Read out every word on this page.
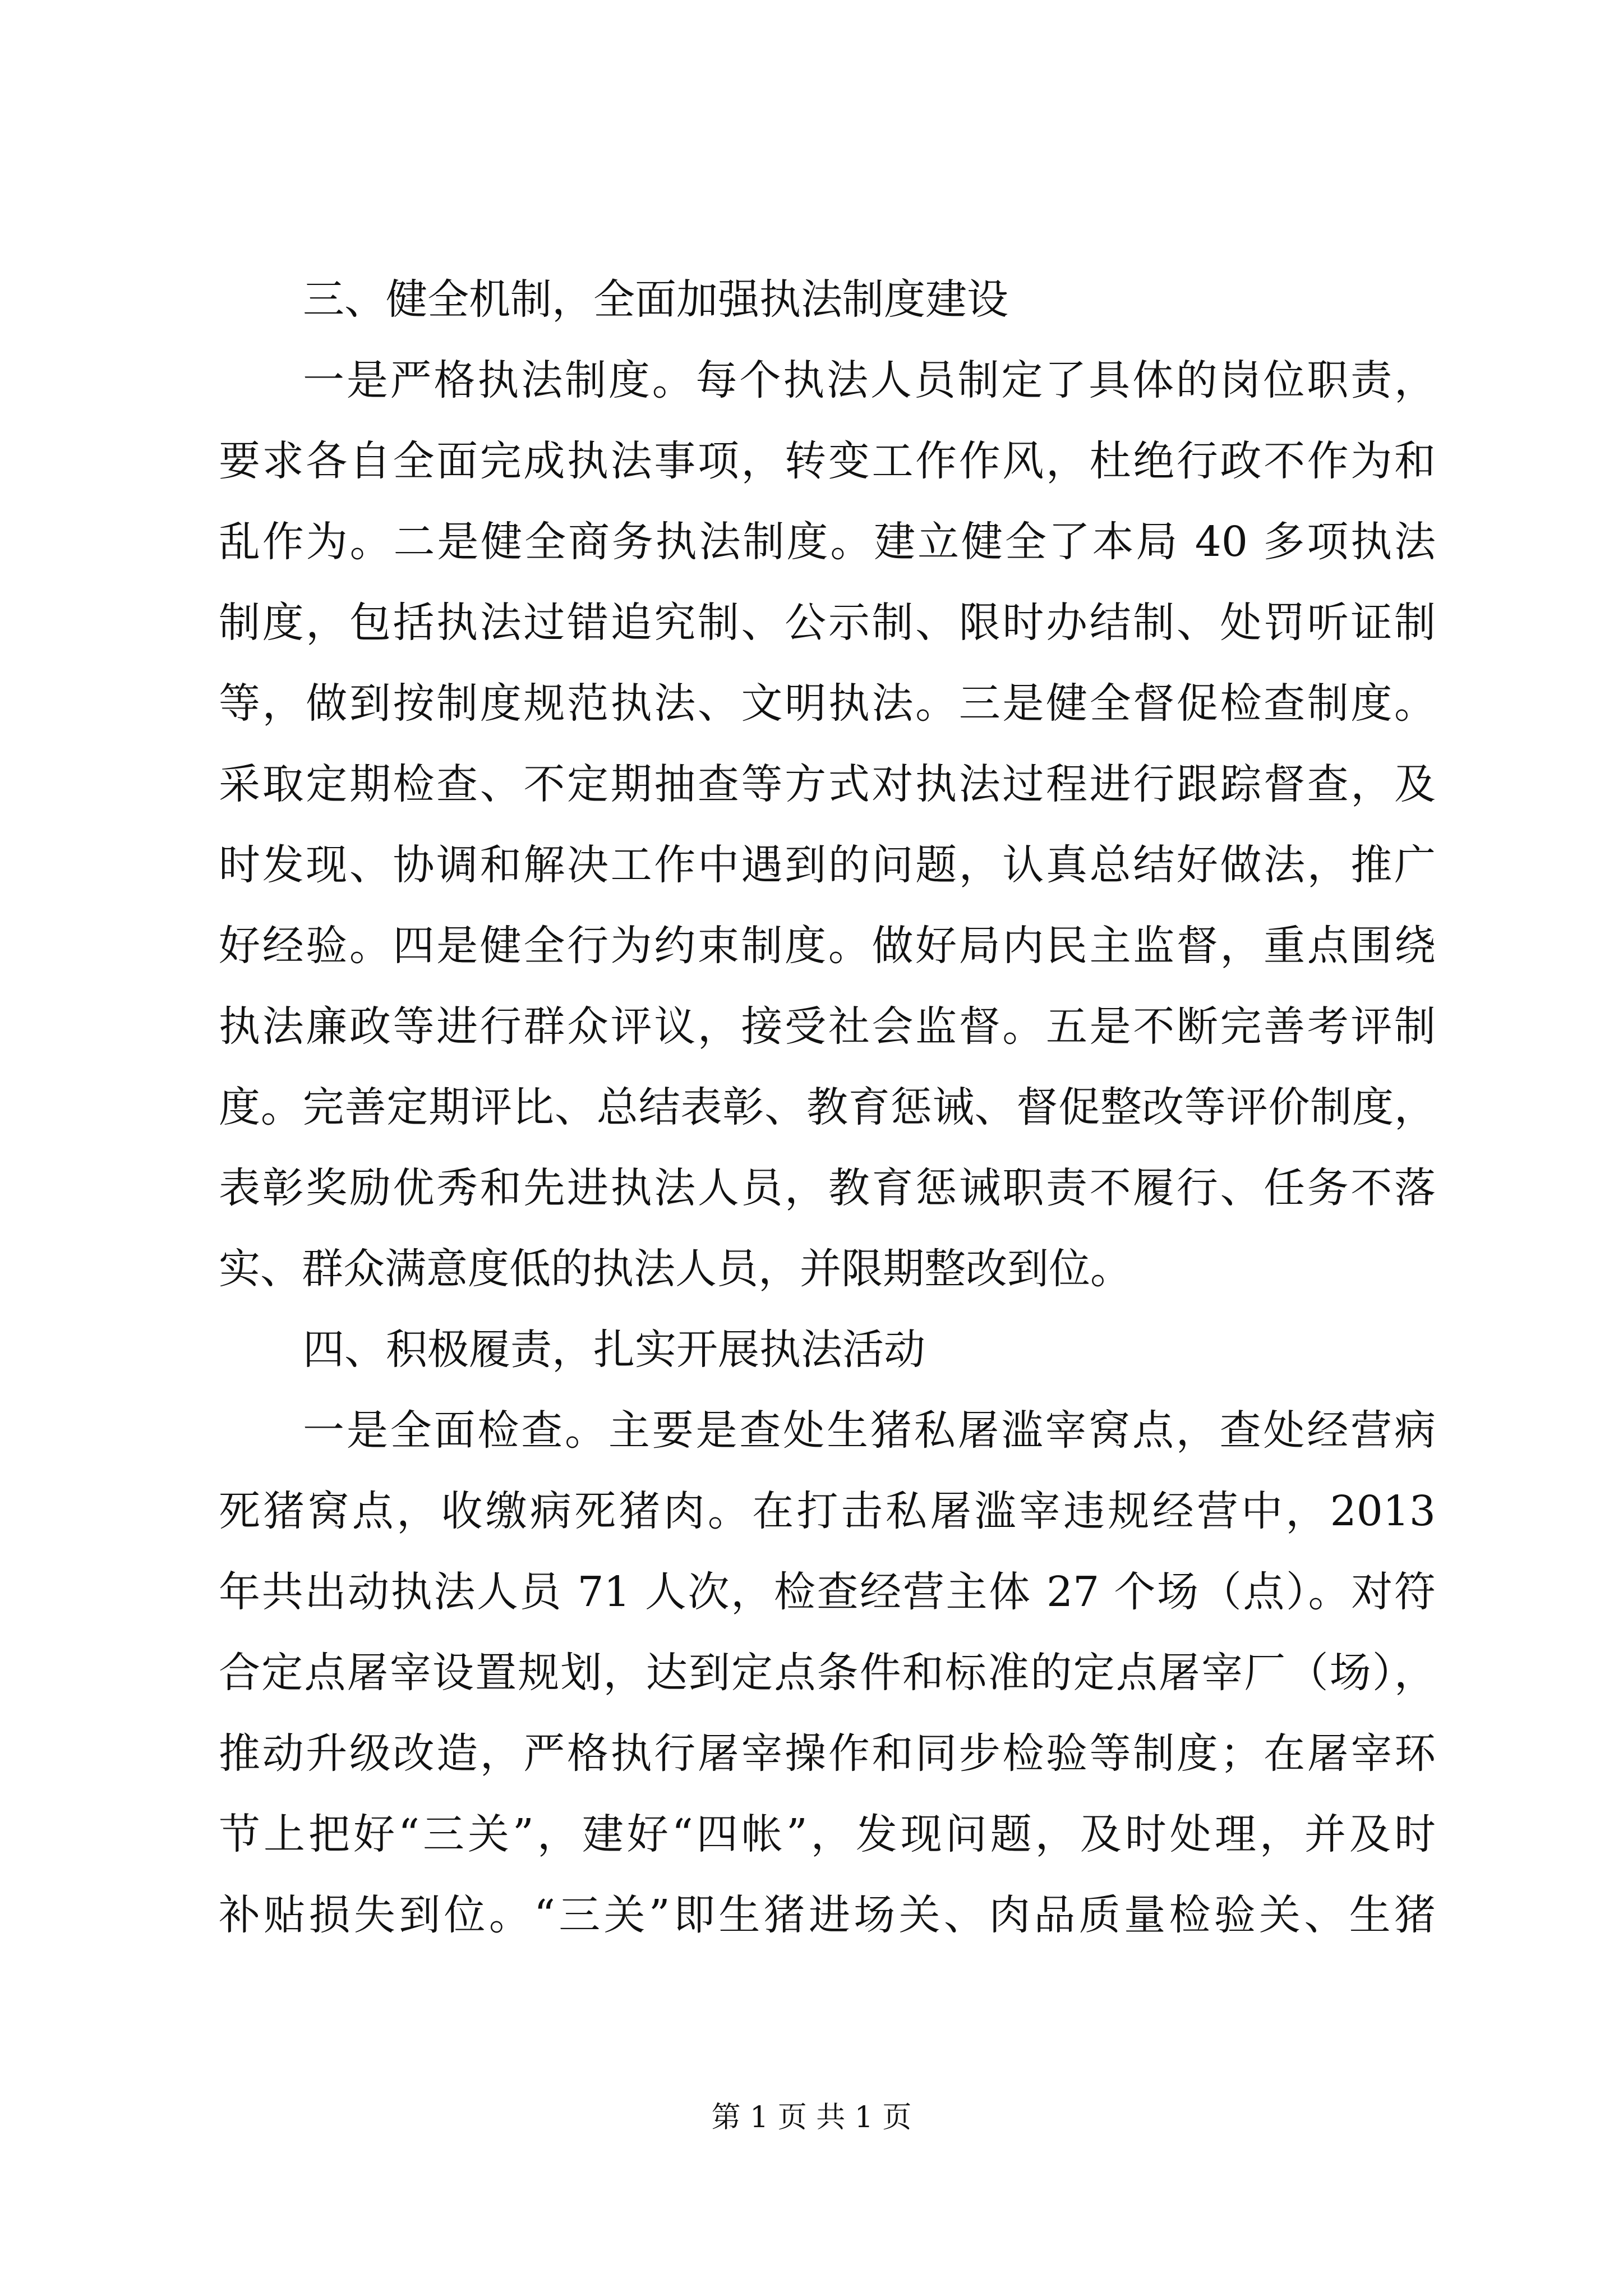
三、健全机制，全面加强执法制度建设
一是严格执法制度。每个执法人员制定了具体的岗位职责，
要求各自全面完成执法事项，转变工作作风，杜绝行政不作为和
乱作为。二是健全商务执法制度。建立健全了本局 40 多项执法
制度，包括执法过错追究制、公示制、限时办结制、处罚听证制
等，做到按制度规范执法、文明执法。三是健全督促检查制度。
采取定期检查、不定期抽查等方式对执法过程进行跟踪督查，及
时发现、协调和解决工作中遇到的问题，认真总结好做法，推广
好经验。四是健全行为约束制度。做好局内民主监督，重点围绕
执法廉政等进行群众评议，接受社会监督。五是不断完善考评制
度。完善定期评比、总结表彰、教育惩诫、督促整改等评价制度，
表彰奖励优秀和先进执法人员，教育惩诫职责不履行、任务不落
实、群众满意度低的执法人员，并限期整改到位。
四、积极履责，扎实开展执法活动
一是全面检查。主要是查处生猪私屠滥宰窝点，查处经营病
死猪窝点，收缴病死猪肉。在打击私屠滥宰违规经营中，2013
年共出动执法人员 71 人次，检查经营主体 27 个场（点）。对符
合定点屠宰设置规划，达到定点条件和标准的定点屠宰厂（场），
推动升级改造，严格执行屠宰操作和同步检验等制度；在屠宰环
节上把好“三关”，建好“四帐”，发现问题，及时处理，并及时
补贴损失到位。“三关”即生猪进场关、肉品质量检验关、生猪
第 1 页 共 1 页
